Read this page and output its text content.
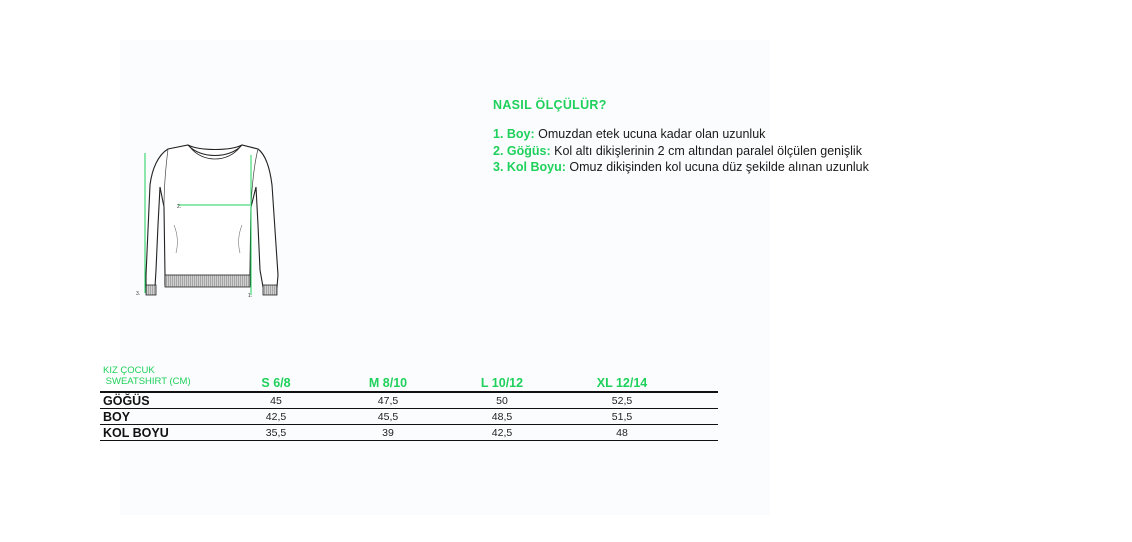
1.
2.
3.
NASIL ÖLÇÜLÜR?
1. Boy: Omuzdan etek ucuna kadar olan uzunluk
2. Göğüs: Kol altı dikişlerinin 2 cm altından paralel ölçülen genişlik
3. Kol Boyu: Omuz dikişinden kol ucuna düz şekilde alınan uzunluk
KIZ ÇOCUK
SWEATSHIRT (CM)	S 6/8	M 8/10	L 10/12	XL 12/14
GÖĞÜS	45	47,5	50	52,5
BOY	42,5	45,5	48,5	51,5
KOL BOYU	35,5	39	42,5	48
